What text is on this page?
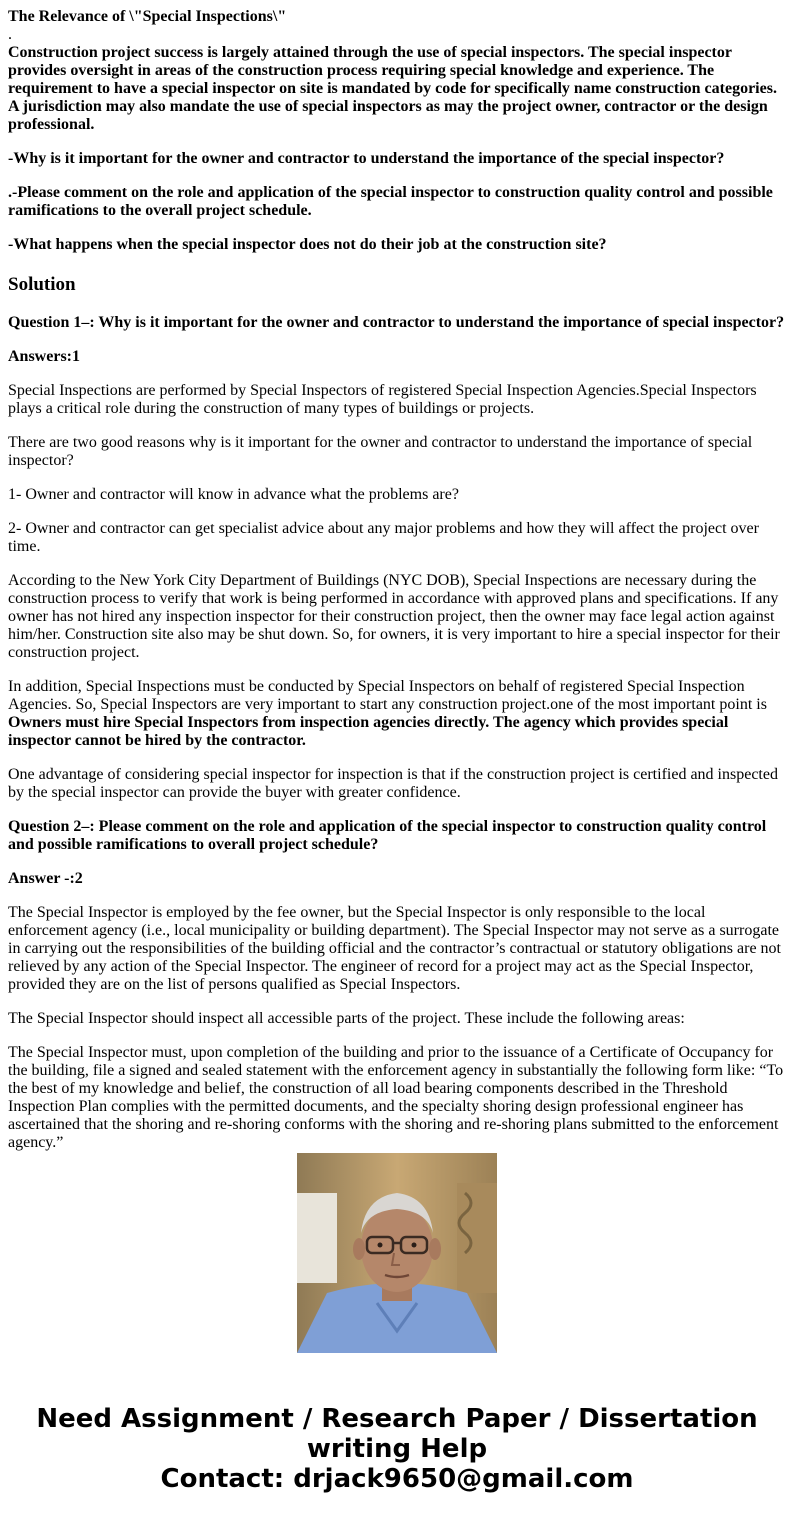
The Relevance of \"Special Inspections\"
.
Construction project success is largely attained through the use of special inspectors. The special inspector provides oversight in areas of the construction process requiring special knowledge and experience. The requirement to have a special inspector on site is mandated by code for specifically name construction categories. A jurisdiction may also mandate the use of special inspectors as may the project owner, contractor or the design professional.
-Why is it important for the owner and contractor to understand the importance of the special inspector?
.-Please comment on the role and application of the special inspector to construction quality control and possible ramifications to the overall project schedule.
-What happens when the special inspector does not do their job at the construction site?
Solution

Question 1–: Why is it important for the owner and contractor to understand the importance of special inspector?

Answers:1

Special Inspections are performed by Special Inspectors of registered Special Inspection Agencies.Special Inspectors plays a critical role during the construction of many types of buildings or projects.

There are two good reasons why is it important for the owner and contractor to understand the importance of special inspector?

1- Owner and contractor will know in advance what the problems are?

2- Owner and contractor can get specialist advice about any major problems and how they will affect the project over time.

According to the New York City Department of Buildings (NYC DOB), Special Inspections are necessary during the construction process to verify that work is being performed in accordance with approved plans and specifications. If any owner has not hired any inspection inspector for their construction project, then the owner may face legal action against him/her. Construction site also may be shut down. So, for owners, it is very important to hire a special inspector for their construction project.

In addition, Special Inspections must be conducted by Special Inspectors on behalf of registered Special Inspection Agencies. So, Special Inspectors are very important to start any construction project.one of the most important point is Owners must hire Special Inspectors from inspection agencies directly. The agency which provides special inspector cannot be hired by the contractor.

One advantage of considering special inspector for inspection is that if the construction project is certified and inspected by the special inspector can provide the buyer with greater confidence.

Question 2–: Please comment on the role and application of the special inspector to construction quality control and possible ramifications to overall project schedule?

Answer -:2

The Special Inspector is employed by the fee owner, but the Special Inspector is only responsible to the local enforcement agency (i.e., local municipality or building department). The Special Inspector may not serve as a surrogate in carrying out the responsibilities of the building official and the contractor’s contractual or statutory obligations are not relieved by any action of the Special Inspector. The engineer of record for a project may act as the Special Inspector, provided they are on the list of persons qualified as Special Inspectors.

The Special Inspector should inspect all accessible parts of the project. These include the following areas:

The Special Inspector must, upon completion of the building and prior to the issuance of a Certificate of Occupancy for the building, file a signed and sealed statement with the enforcement agency in substantially the following form like: “To the best of my knowledge and belief, the construction of all load bearing components described in the Threshold Inspection Plan complies with the permitted documents, and the specialty shoring design professional engineer has ascertained that the shoring and re-shoring conforms with the shoring and re-shoring plans submitted to the enforcement agency.”

Need Assignment / Research Paper / Dissertation
writing Help
Contact: drjack9650@gmail.com
